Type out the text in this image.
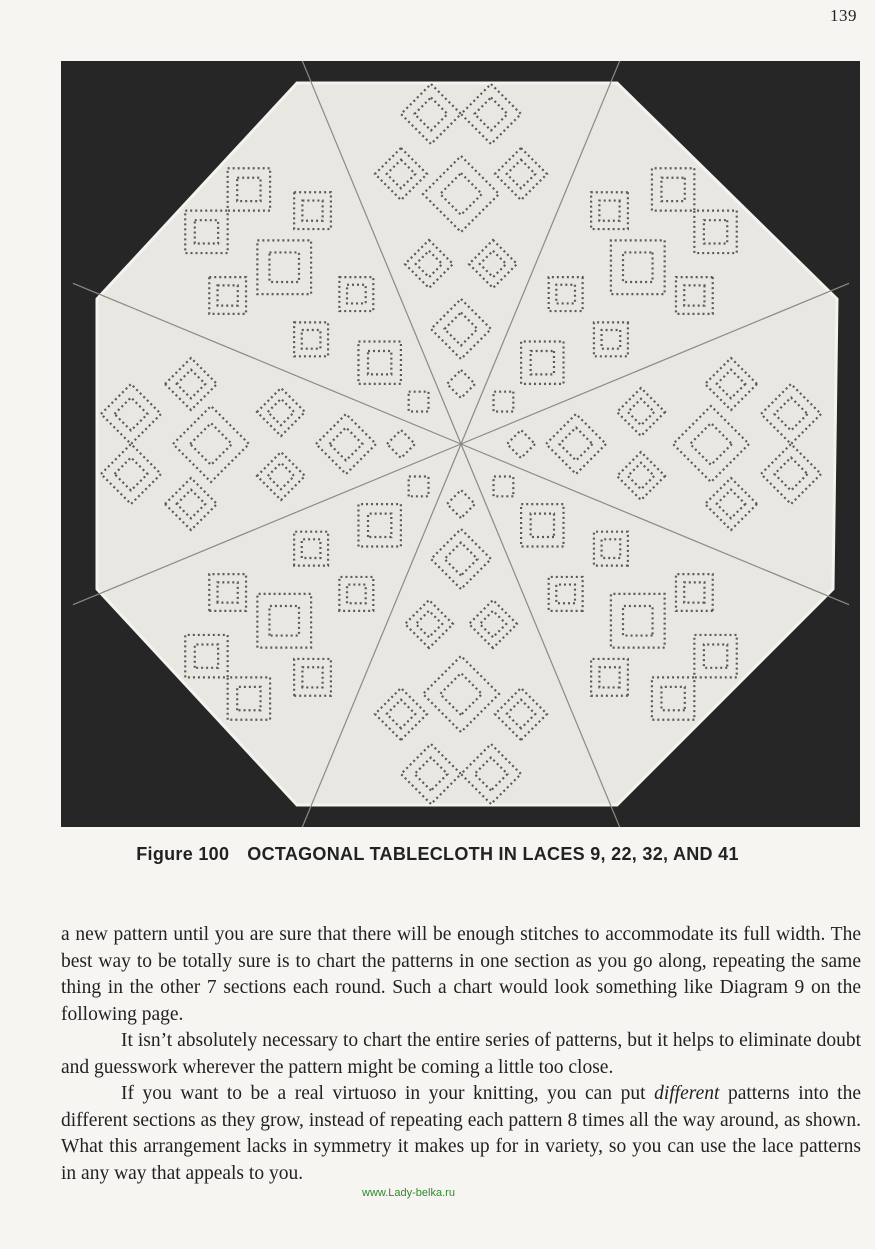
139
Figure 100 OCTAGONAL TABLECLOTH IN LACES 9, 22, 32, AND 41

a new pattern until you are sure that there will be enough stitches to accommodate its full width. The best way to be totally sure is to chart the patterns in one section as you go along, repeating the same thing in the other 7 sections each round. Such a chart would look something like Diagram 9 on the following page.

It isn’t absolutely necessary to chart the entire series of patterns, but it helps to eliminate doubt and guesswork wherever the pattern might be coming a little too close.

If you want to be a real virtuoso in your knitting, you can put different patterns into the different sections as they grow, instead of repeating each pattern 8 times all the way around, as shown. What this arrangement lacks in symmetry it makes up for in variety, so you can use the lace patterns in any way that appeals to you.

www.Lady-belka.ru
